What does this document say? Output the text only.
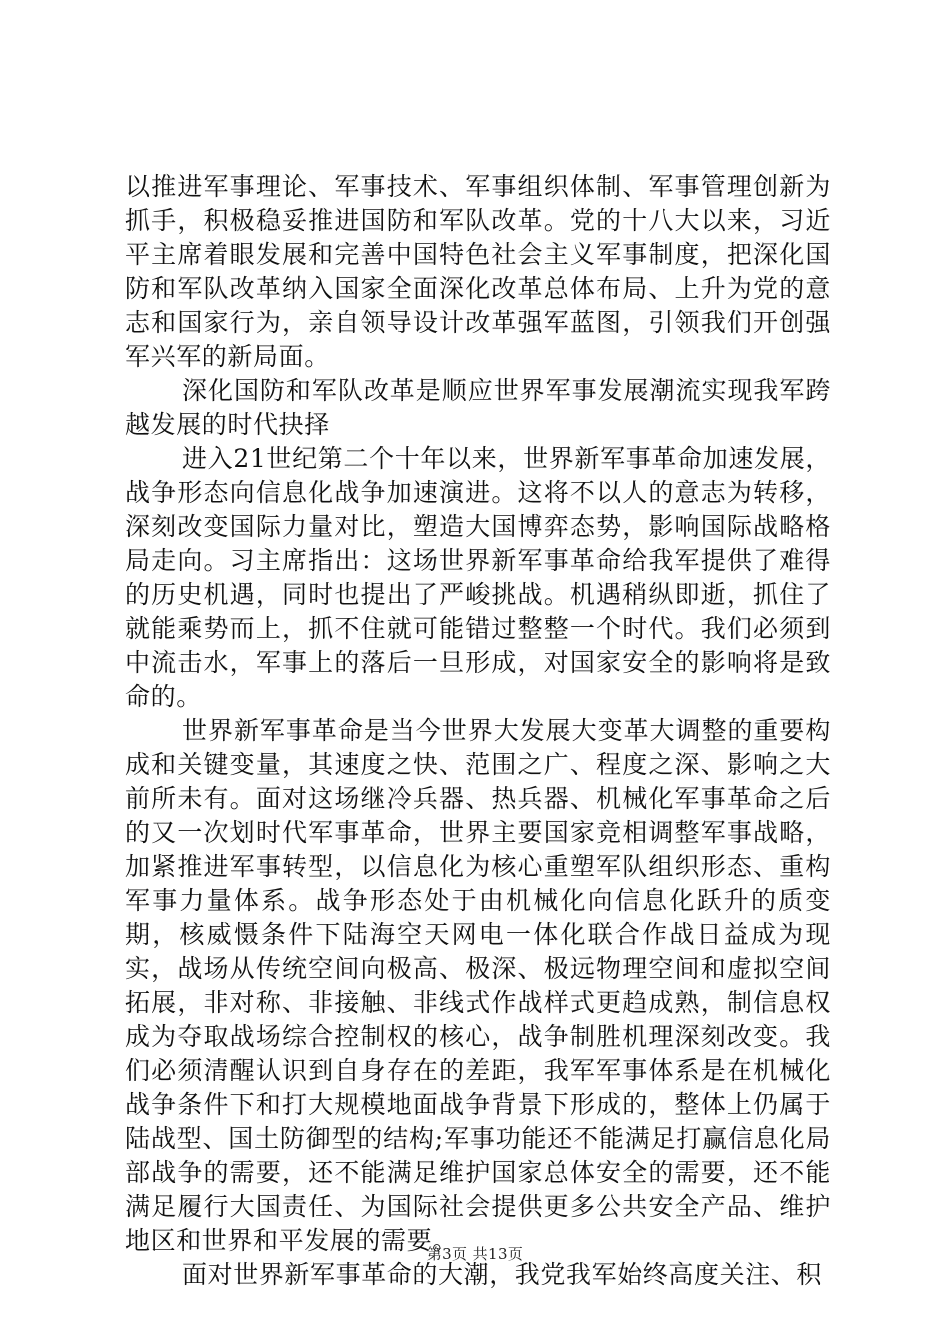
以推进军事理论、军事技术、军事组织体制、军事管理创新为抓手，积极稳妥推进国防和军队改革。党的十八大以来，习近平主席着眼发展和完善中国特色社会主义军事制度，把深化国防和军队改革纳入国家全面深化改革总体布局、上升为党的意志和国家行为，亲自领导设计改革强军蓝图，引领我们开创强军兴军的新局面。

深化国防和军队改革是顺应世界军事发展潮流实现我军跨越发展的时代抉择

进入21世纪第二个十年以来，世界新军事革命加速发展，战争形态向信息化战争加速演进。这将不以人的意志为转移，深刻改变国际力量对比，塑造大国博弈态势，影响国际战略格局走向。习主席指出：这场世界新军事革命给我军提供了难得的历史机遇，同时也提出了严峻挑战。机遇稍纵即逝，抓住了就能乘势而上，抓不住就可能错过整整一个时代。我们必须到中流击水，军事上的落后一旦形成，对国家安全的影响将是致命的。

世界新军事革命是当今世界大发展大变革大调整的重要构成和关键变量，其速度之快、范围之广、程度之深、影响之大前所未有。面对这场继冷兵器、热兵器、机械化军事革命之后的又一次划时代军事革命，世界主要国家竞相调整军事战略，加紧推进军事转型，以信息化为核心重塑军队组织形态、重构军事力量体系。战争形态处于由机械化向信息化跃升的质变期，核威慑条件下陆海空天网电一体化联合作战日益成为现实，战场从传统空间向极高、极深、极远物理空间和虚拟空间拓展，非对称、非接触、非线式作战样式更趋成熟，制信息权成为夺取战场综合控制权的核心，战争制胜机理深刻改变。我们必须清醒认识到自身存在的差距，我军军事体系是在机械化战争条件下和打大规模地面战争背景下形成的，整体上仍属于陆战型、国土防御型的结构;军事功能还不能满足打赢信息化局部战争的需要，还不能满足维护国家总体安全的需要，还不能满足履行大国责任、为国际社会提供更多公共安全产品、维护地区和世界和平发展的需要。

面对世界新军事革命的大潮，我党我军始终高度关注、积

第3页 共13页
